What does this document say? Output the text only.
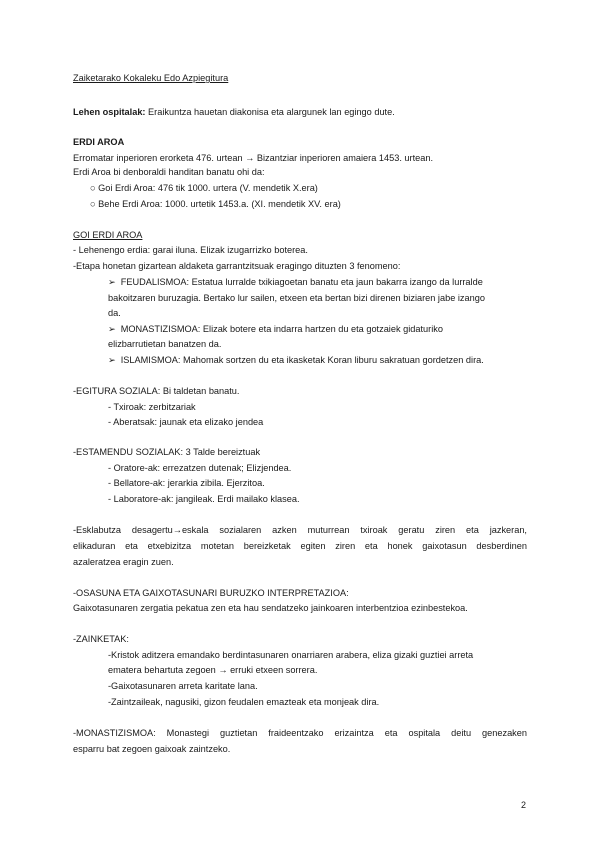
Zaiketarako Kokaleku Edo Azpiegitura
Lehen ospitalak: Eraikuntza hauetan diakonisa eta alargunek lan egingo dute.
ERDI AROA
Erromatar inperioren erorketa 476. urtean → Bizantziar inperioren amaiera 1453. urtean.
Erdi Aroa bi denboraldi handitan banatu ohi da:
○ Goi Erdi Aroa: 476 tik 1000. urtera (V. mendetik X.era)
○ Behe Erdi Aroa: 1000. urtetik 1453.a. (XI. mendetik XV. era)
GOI ERDI AROA
- Lehenengo erdia: garai iluna. Elizak izugarrizko boterea.
-Etapa honetan gizartean aldaketa garrantzitsuak eragingo dituzten 3 fenomeno:
➢ FEUDALISMOA: Estatua lurralde txikiagoetan banatu eta jaun bakarra izango da lurralde
bakoitzaren buruzagia. Bertako lur sailen, etxeen eta bertan bizi direnen biziaren jabe izango
da.
➢ MONASTIZISMOA: Elizak botere eta indarra hartzen du eta gotzaiek gidaturiko
elizbarrutietan banatzen da.
➢ ISLAMISMOA: Mahomak sortzen du eta ikasketak Koran liburu sakratuan gordetzen dira.
-EGITURA SOZIALA: Bi taldetan banatu.
- Txiroak: zerbitzariak
- Aberatsak: jaunak eta elizako jendea
-ESTAMENDU SOZIALAK: 3 Talde bereiztuak
- Oratore-ak: errezatzen dutenak; Elizjendea.
- Bellatore-ak: jerarkia zibila. Ejerzitoa.
- Laboratore-ak: jangileak. Erdi mailako klasea.
-Esklabutza desagertu→eskala sozialaren azken muturrean txiroak geratu ziren eta jazkeran,
elikaduran eta etxebizitza motetan bereizketak egiten ziren eta honek gaixotasun desberdinen
azaleratzea eragin zuen.
-OSASUNA ETA GAIXOTASUNARI BURUZKO INTERPRETAZIOA:
Gaixotasunaren zergatia pekatua zen eta hau sendatzeko jainkoaren interbentzioa ezinbestekoa.
-ZAINKETAK:
-Kristok aditzera emandako berdintasunaren onarriaren arabera, eliza gizaki guztiei arreta
ematera behartuta zegoen → erruki etxeen sorrera.
-Gaixotasunaren arreta karitate lana.
-Zaintzaileak, nagusiki, gizon feudalen emazteak eta monjeak dira.
-MONASTIZISMOA: Monastegi guztietan fraideentzako erizaintza eta ospitala deitu genezaken
esparru bat zegoen gaixoak zaintzeko.
2
